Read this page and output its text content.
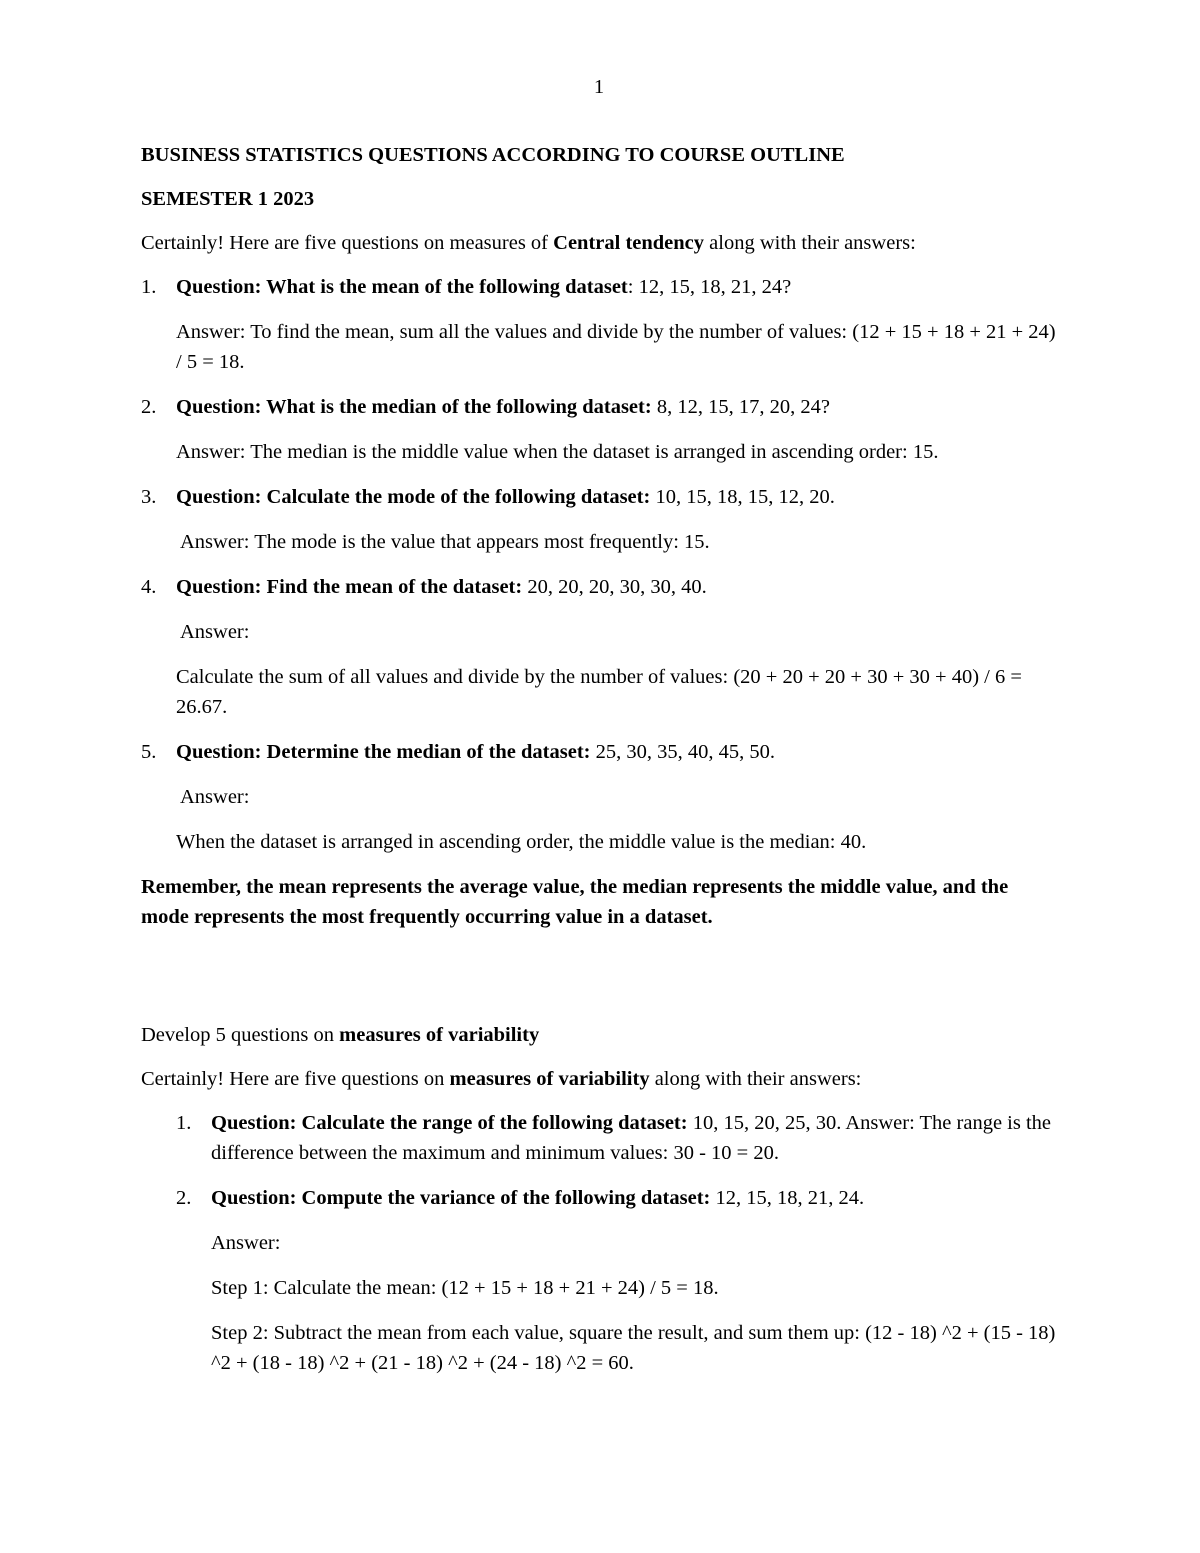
1

BUSINESS STATISTICS QUESTIONS ACCORDING TO COURSE OUTLINE

SEMESTER 1 2023

Certainly! Here are five questions on measures of Central tendency along with their answers:

1. Question: What is the mean of the following dataset: 12, 15, 18, 21, 24?

Answer: To find the mean, sum all the values and divide by the number of values: (12 + 15 + 18 + 21 + 24) / 5 = 18.

2. Question: What is the median of the following dataset: 8, 12, 15, 17, 20, 24?

Answer: The median is the middle value when the dataset is arranged in ascending order: 15.

3. Question: Calculate the mode of the following dataset: 10, 15, 18, 15, 12, 20.

Answer: The mode is the value that appears most frequently: 15.

4. Question: Find the mean of the dataset: 20, 20, 20, 30, 30, 40.

Answer:

Calculate the sum of all values and divide by the number of values: (20 + 20 + 20 + 30 + 30 + 40) / 6 = 26.67.

5. Question: Determine the median of the dataset: 25, 30, 35, 40, 45, 50.

Answer:

When the dataset is arranged in ascending order, the middle value is the median: 40.

Remember, the mean represents the average value, the median represents the middle value, and the mode represents the most frequently occurring value in a dataset.

Develop 5 questions on measures of variability

Certainly! Here are five questions on measures of variability along with their answers:

1. Question: Calculate the range of the following dataset: 10, 15, 20, 25, 30. Answer: The range is the difference between the maximum and minimum values: 30 - 10 = 20.

2. Question: Compute the variance of the following dataset: 12, 15, 18, 21, 24.

Answer:

Step 1: Calculate the mean: (12 + 15 + 18 + 21 + 24) / 5 = 18.

Step 2: Subtract the mean from each value, square the result, and sum them up: (12 - 18) ^2 + (15 - 18) ^2 + (18 - 18) ^2 + (21 - 18) ^2 + (24 - 18) ^2 = 60.
